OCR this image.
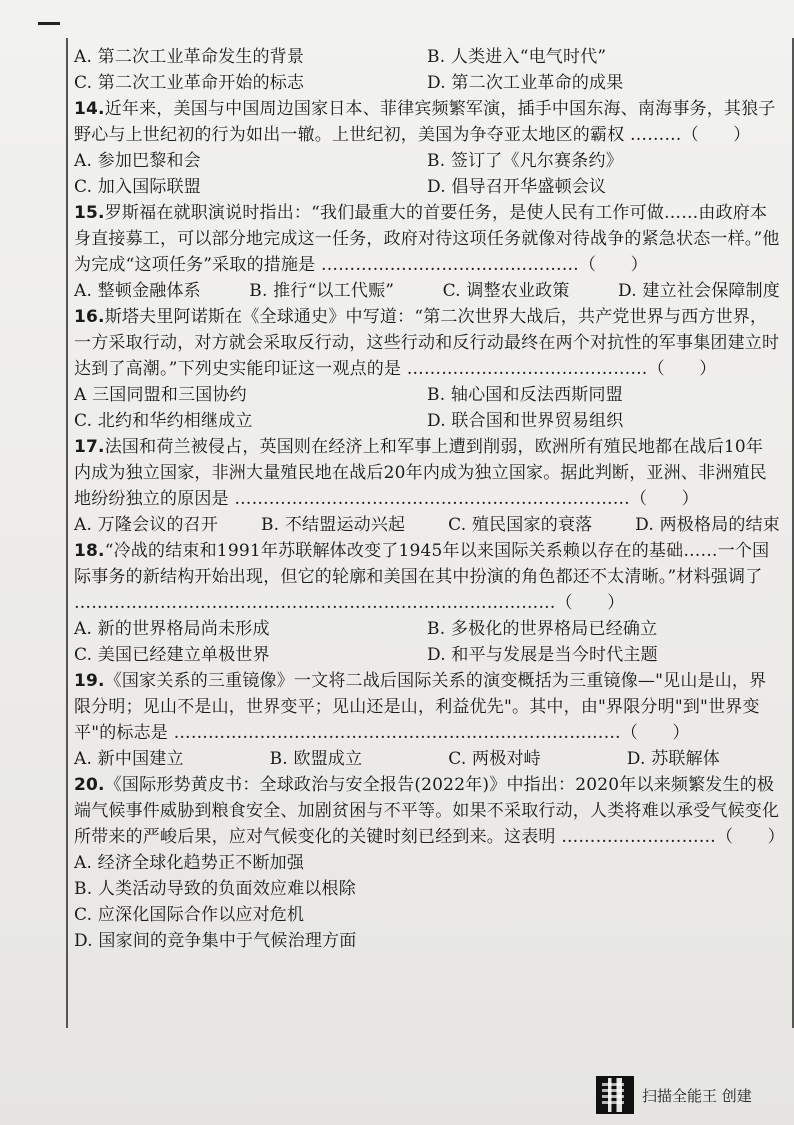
A. 第二次工业革命发生的背景	B. 人类进入“电气时代”
C. 第二次工业革命开始的标志	D. 第二次工业革命的成果
14.近年来，美国与中国周边国家日本、菲律宾频繁军演，插手中国东海、南海事务，其狼子野心与上世纪初的行为如出一辙。上世纪初，美国为争夺亚太地区的霸权 ………（　　）
A. 参加巴黎和会	B. 签订了《凡尔赛条约》
C. 加入国际联盟	D. 倡导召开华盛顿会议
15.罗斯福在就职演说时指出：“我们最重大的首要任务，是使人民有工作可做……由政府本身直接募工，可以部分地完成这一任务，政府对待这项任务就像对待战争的紧急状态一样。”他为完成“这项任务”采取的措施是 ………………………………………（　　）
A. 整顿金融体系	B. 推行“以工代赈”	C. 调整农业政策	D. 建立社会保障制度
16.斯塔夫里阿诺斯在《全球通史》中写道：“第二次世界大战后，共产党世界与西方世界，一方采取行动，对方就会采取反行动，这些行动和反行动最终在两个对抗性的军事集团建立时达到了高潮。”下列史实能印证这一观点的是 ……………………………………（　　）
A 三国同盟和三国协约	B. 轴心国和反法西斯同盟
C. 北约和华约相继成立	D. 联合国和世界贸易组织
17.法国和荷兰被侵占，英国则在经济上和军事上遭到削弱，欧洲所有殖民地都在战后10年内成为独立国家，非洲大量殖民地在战后20年内成为独立国家。据此判断，亚洲、非洲殖民地纷纷独立的原因是 ……………………………………………………………（　　）
A. 万隆会议的召开	B. 不结盟运动兴起	C. 殖民国家的衰落	D. 两极格局的结束
18.“冷战的结束和1991年苏联解体改变了1945年以来国际关系赖以存在的基础……一个国际事务的新结构开始出现，但它的轮廓和美国在其中扮演的角色都还不太清晰。”材料强调了 …………………………………………………………………………（　　）
A. 新的世界格局尚未形成	B. 多极化的世界格局已经确立
C. 美国已经建立单极世界	D. 和平与发展是当今时代主题
19.《国家关系的三重镜像》一文将二战后国际关系的演变概括为三重镜像—"见山是山，界限分明；见山不是山，世界变平；见山还是山，利益优先"。其中，由"界限分明"到"世界变平"的标志是 ……………………………………………………………………（　　）
A. 新中国建立	B. 欧盟成立	C. 两极对峙	D. 苏联解体
20.《国际形势黄皮书：全球政治与安全报告(2022年)》中指出：2020年以来频繁发生的极端气候事件威胁到粮食安全、加剧贫困与不平等。如果不采取行动，人类将难以承受气候变化所带来的严峻后果，应对气候变化的关键时刻已经到来。这表明 ………………………（　　）
A. 经济全球化趋势正不断加强
B. 人类活动导致的负面效应难以根除
C. 应深化国际合作以应对危机
D. 国家间的竞争集中于气候治理方面
扫描全能王 创建
